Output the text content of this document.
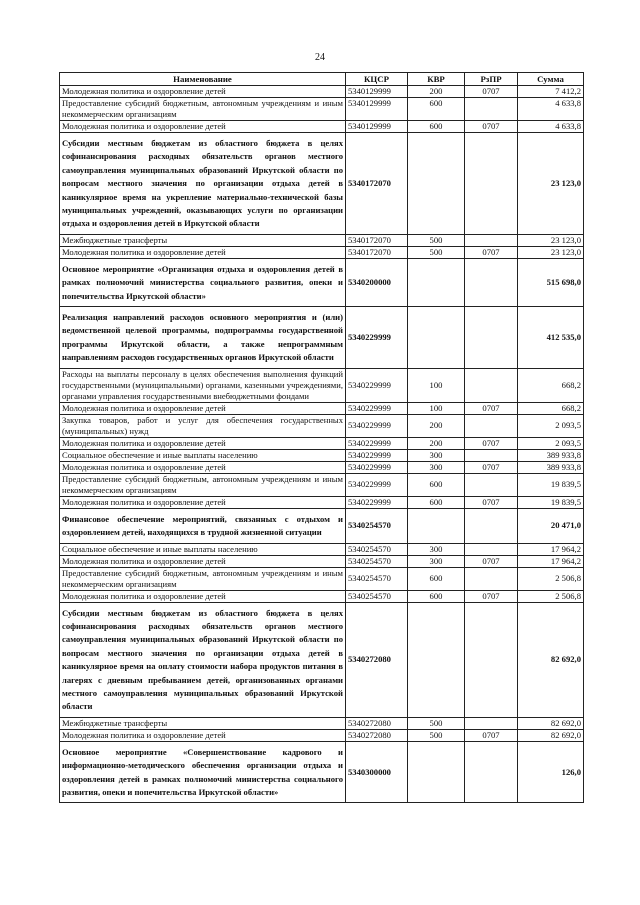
24
Наименование	КЦСР	КВР	РзПР	Сумма
Молодежная политика и оздоровление детей	5340129999	200	0707	7 412,2
Предоставление субсидий бюджетным, автономным учреждениям и иным некоммерческим организациям	5340129999	600		4 633,8
Молодежная политика и оздоровление детей	5340129999	600	0707	4 633,8
Субсидии местным бюджетам из областного бюджета в целях софинансирования расходных обязательств органов местного самоуправления муниципальных образований Иркутской области по вопросам местного значения по организации отдыха детей в каникулярное время на укрепление материально-технической базы муниципальных учреждений, оказывающих услуги по организации отдыха и оздоровления детей в Иркутской области	5340172070			23 123,0
Межбюджетные трансферты	5340172070	500		23 123,0
Молодежная политика и оздоровление детей	5340172070	500	0707	23 123,0
Основное мероприятие «Организация отдыха и оздоровления детей в рамках полномочий министерства социального развития, опеки и попечительства Иркутской области»	5340200000			515 698,0
Реализация направлений расходов основного мероприятия и (или) ведомственной целевой программы, подпрограммы государственной программы Иркутской области, а также непрограммным направлениям расходов государственных органов Иркутской области	5340229999			412 535,0
Расходы на выплаты персоналу в целях обеспечения выполнения функций государственными (муниципальными) органами, казенными учреждениями, органами управления государственными внебюджетными фондами	5340229999	100		668,2
Молодежная политика и оздоровление детей	5340229999	100	0707	668,2
Закупка товаров, работ и услуг для обеспечения государственных (муниципальных) нужд	5340229999	200		2 093,5
Молодежная политика и оздоровление детей	5340229999	200	0707	2 093,5
Социальное обеспечение и иные выплаты населению	5340229999	300		389 933,8
Молодежная политика и оздоровление детей	5340229999	300	0707	389 933,8
Предоставление субсидий бюджетным, автономным учреждениям и иным некоммерческим организациям	5340229999	600		19 839,5
Молодежная политика и оздоровление детей	5340229999	600	0707	19 839,5
Финансовое обеспечение мероприятий, связанных с отдыхом и оздоровлением детей, находящихся в трудной жизненной ситуации	5340254570			20 471,0
Социальное обеспечение и иные выплаты населению	5340254570	300		17 964,2
Молодежная политика и оздоровление детей	5340254570	300	0707	17 964,2
Предоставление субсидий бюджетным, автономным учреждениям и иным некоммерческим организациям	5340254570	600		2 506,8
Молодежная политика и оздоровление детей	5340254570	600	0707	2 506,8
Субсидии местным бюджетам из областного бюджета в целях софинансирования расходных обязательств органов местного самоуправления муниципальных образований Иркутской области по вопросам местного значения по организации отдыха детей в каникулярное время на оплату стоимости набора продуктов питания в лагерях с дневным пребыванием детей, организованных органами местного самоуправления муниципальных образований Иркутской области	5340272080			82 692,0
Межбюджетные трансферты	5340272080	500		82 692,0
Молодежная политика и оздоровление детей	5340272080	500	0707	82 692,0
Основное мероприятие «Совершенствование кадрового и информационно-методического обеспечения организации отдыха и оздоровления детей в рамках полномочий министерства социального развития, опеки и попечительства Иркутской области»	5340300000			126,0
